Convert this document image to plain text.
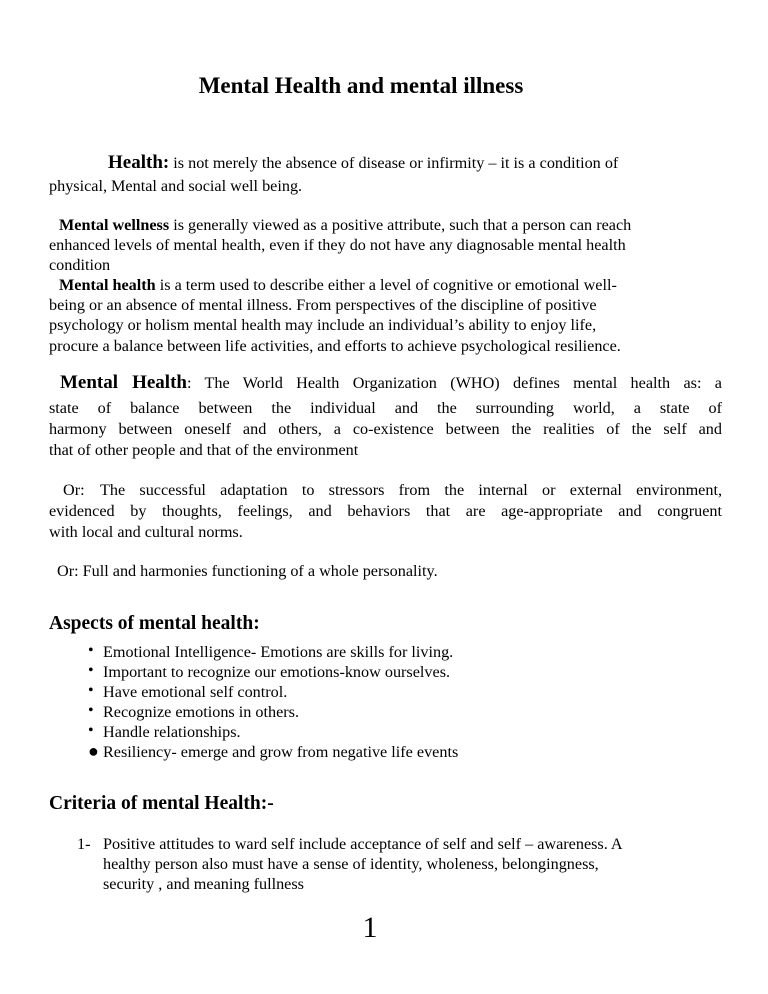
Mental Health and mental illness
Health: is not merely the absence of disease or infirmity – it is a condition of
physical, Mental and social well being.
Mental wellness is generally viewed as a positive attribute, such that a person can reach
enhanced levels of mental health, even if they do not have any diagnosable mental health
condition
Mental health is a term used to describe either a level of cognitive or emotional well-
being or an absence of mental illness. From perspectives of the discipline of positive
psychology or holism mental health may include an individual’s ability to enjoy life,
procure a balance between life activities, and efforts to achieve psychological resilience.
Mental Health: The World Health Organization (WHO) defines mental health as: a
state of balance between the individual and the surrounding world, a state of
harmony between oneself and others, a co-existence between the realities of the self and
that of other people and that of the environment
Or: The successful adaptation to stressors from the internal or external environment,
evidenced by thoughts, feelings, and behaviors that are age-appropriate and congruent
with local and cultural norms.
Or: Full and harmonies functioning of a whole personality.
Aspects of mental health:
• Emotional Intelligence- Emotions are skills for living.
• Important to recognize our emotions-know ourselves.
• Have emotional self control.
• Recognize emotions in others.
• Handle relationships.
● Resiliency- emerge and grow from negative life events
Criteria of mental Health:-
1- Positive attitudes to ward self include acceptance of self and self – awareness. A
healthy person also must have a sense of identity, wholeness, belongingness,
security , and meaning fullness
1
